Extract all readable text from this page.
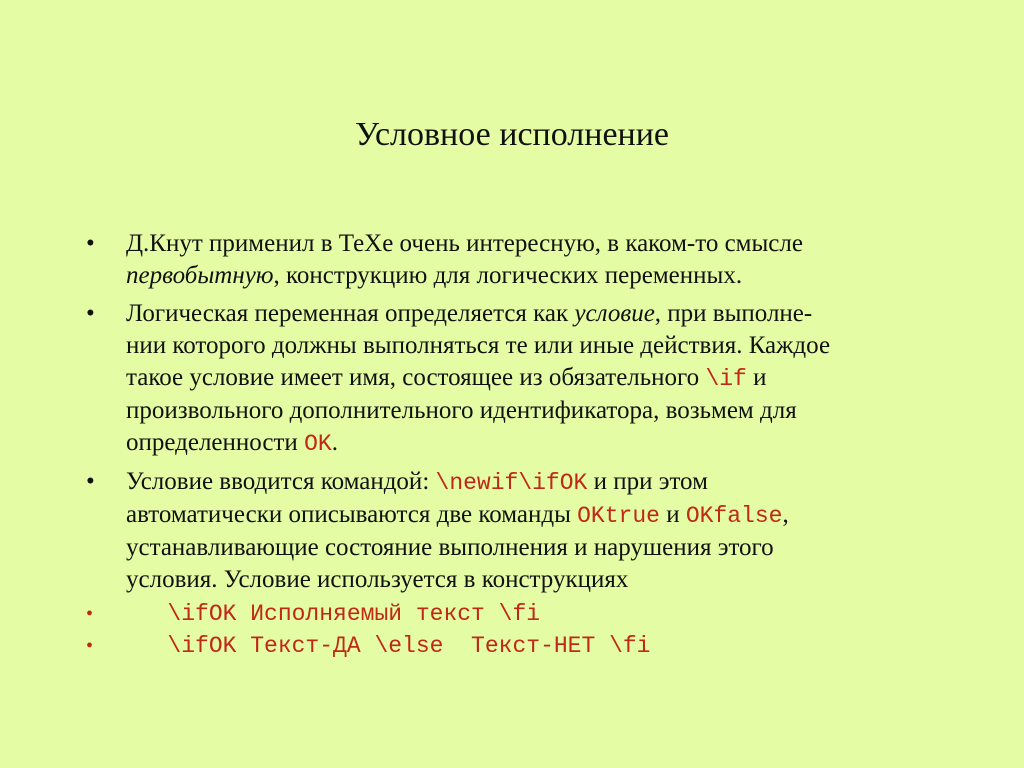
Условное исполнение
•	Д.Кнут применил в ТеХе очень интересную, в каком-то смысле
первобытную, конструкцию для логических переменных.
•	Логическая переменная определяется как условие, при выполне-
нии которого должны выполняться те или иные действия. Каждое
такое условие имеет имя, состоящее из обязательного \if и
произвольного дополнительного идентификатора, возьмем для
определенности OK.
•	Условие вводится командой: \newif\ifOK и при этом
автоматически описываются две команды OKtrue и OKfalse,
устанавливающие состояние выполнения и нарушения этого
условия. Условие используется в конструкциях
•	\ifOK Исполняемый текст \fi
•	\ifOK Текст-ДА \else  Текст-НЕТ \fi
